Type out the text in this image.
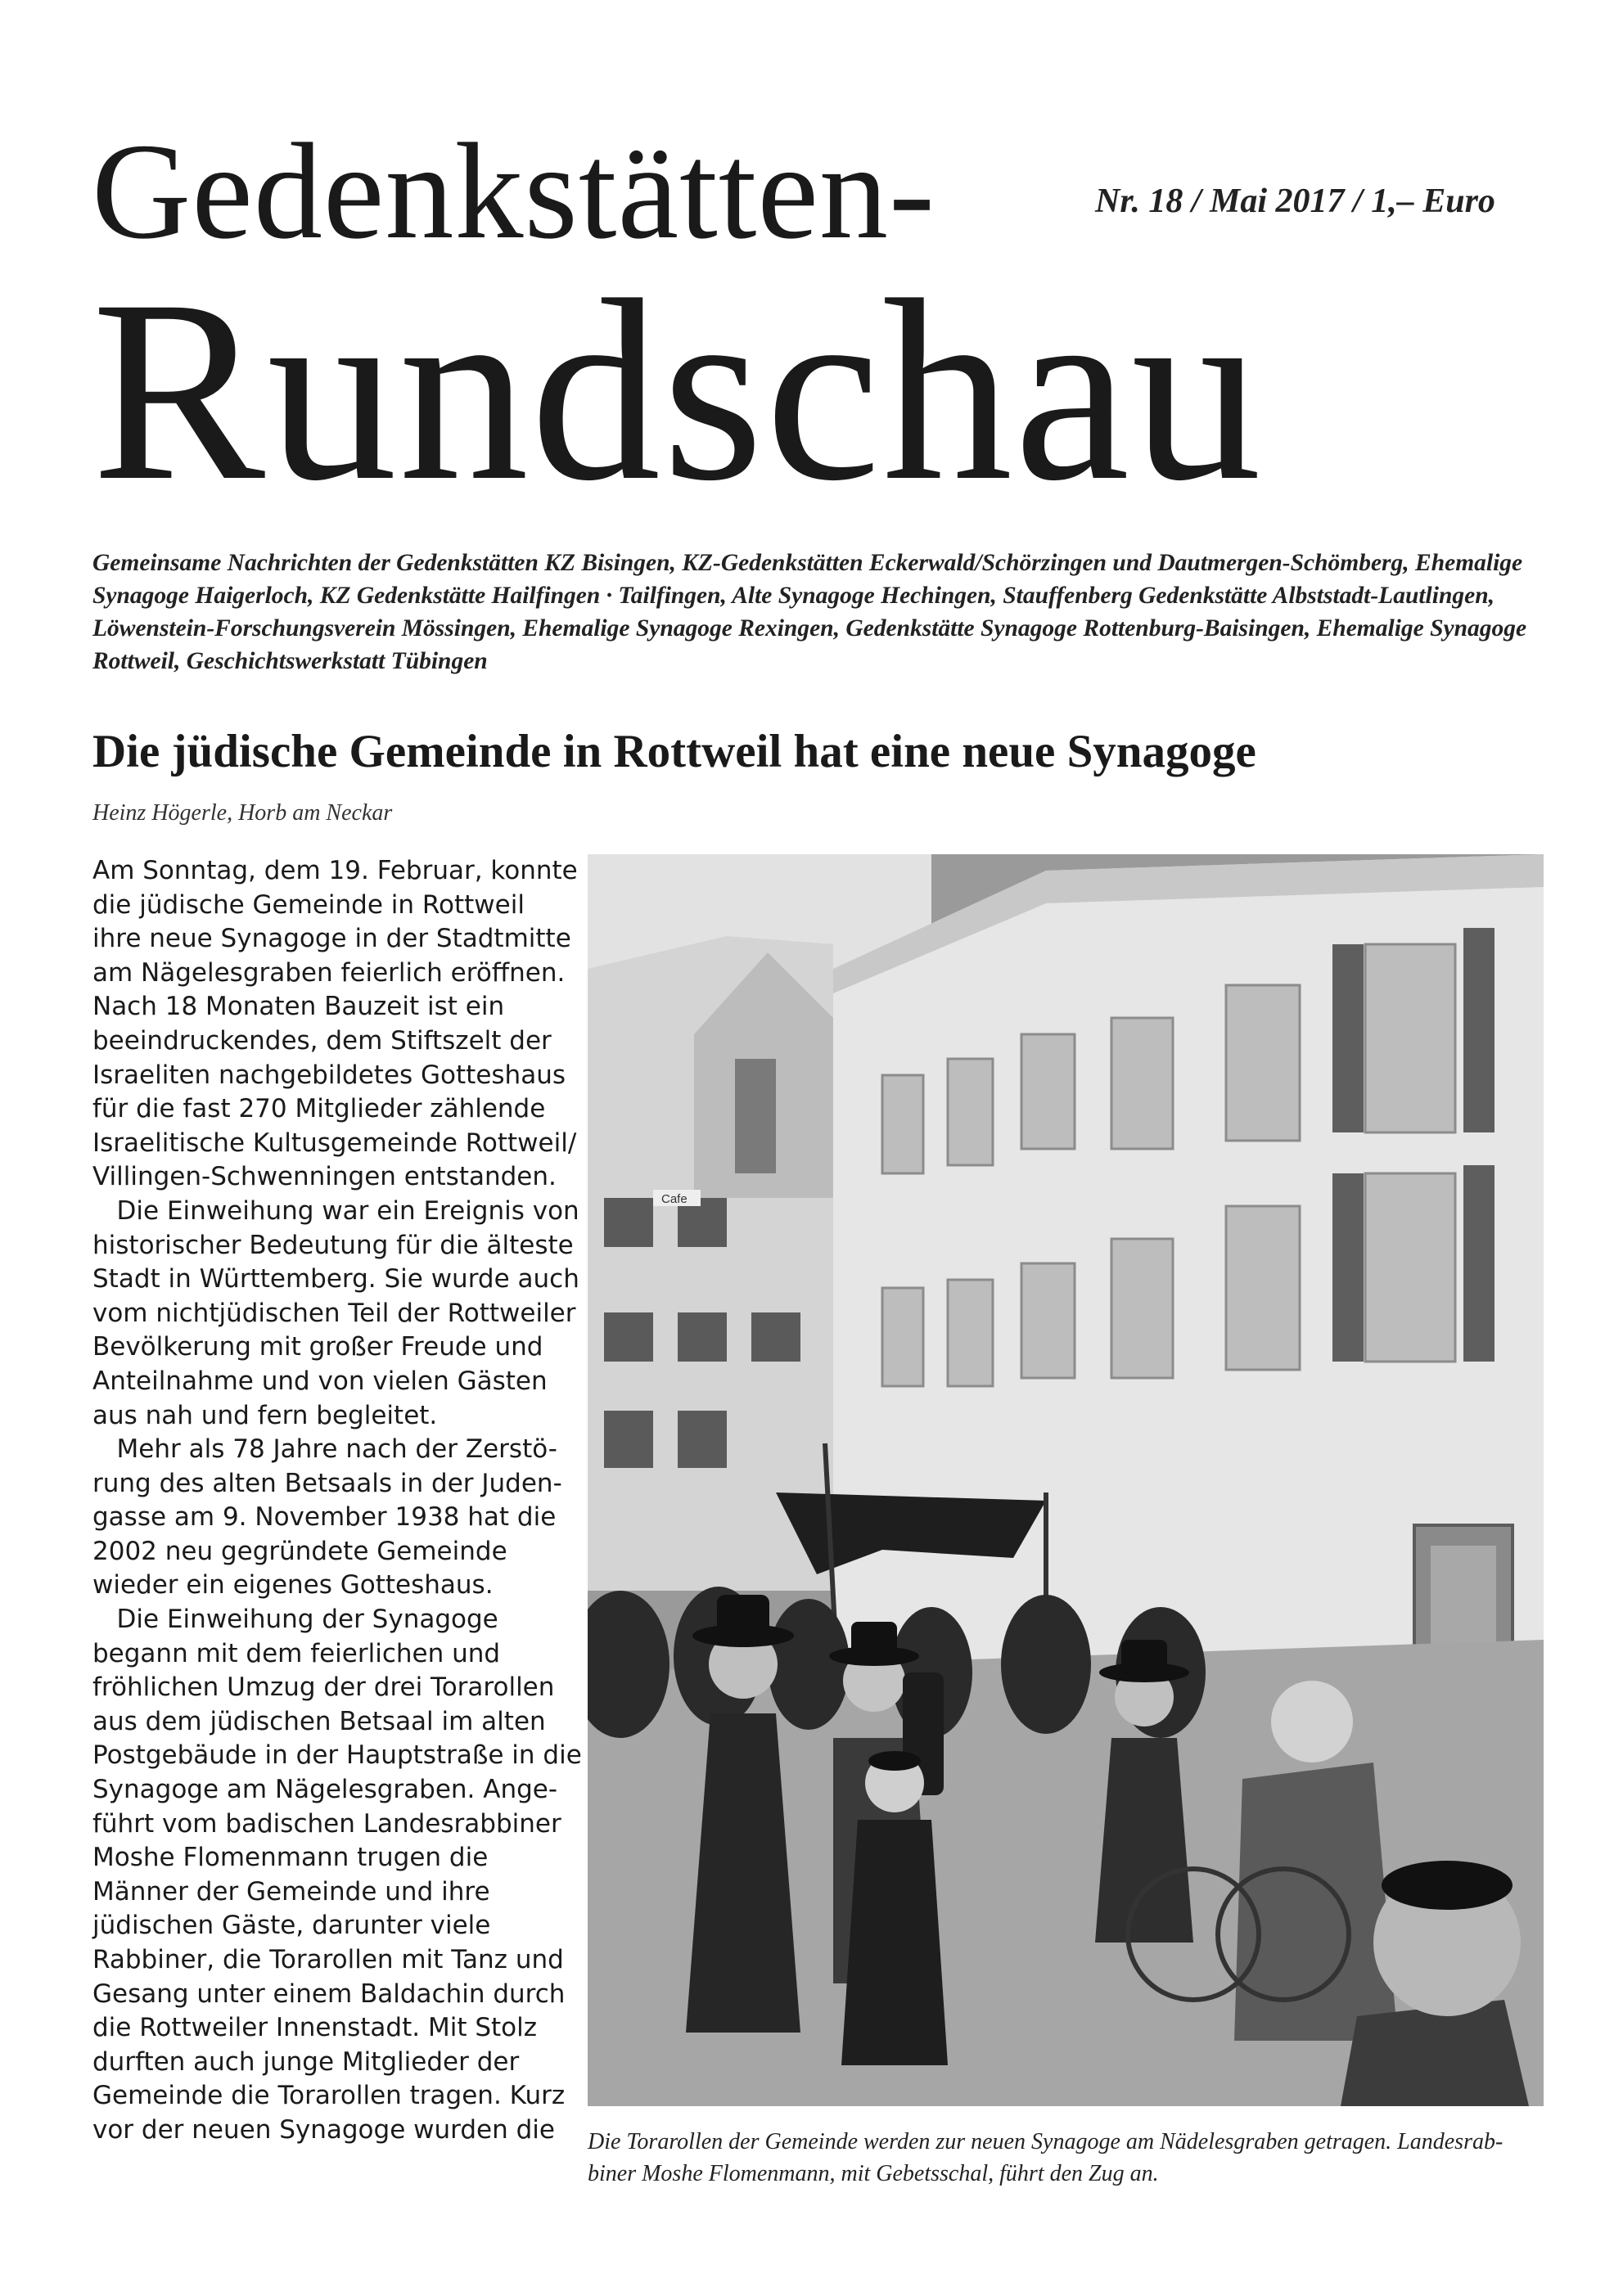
Gedenkstätten-	Nr. 18 / Mai 2017 / 1,– Euro
Rundschau
Gemeinsame Nachrichten der Gedenkstätten KZ Bisingen, KZ-Gedenkstätten Eckerwald/Schörzingen und Dautmergen-Schömberg, Ehemalige Synagoge Haigerloch, KZ Gedenkstätte Hailfingen · Tailfingen, Alte Synagoge Hechingen, Stauffenberg Gedenkstätte Albststadt-Lautlingen, Löwenstein-Forschungsverein Mössingen, Ehemalige Synagoge Rexingen, Gedenkstätte Synagoge Rottenburg-Baisingen, Ehemalige Synagoge Rottweil, Geschichtswerkstatt Tübingen
Die jüdische Gemeinde in Rottweil hat eine neue Synagoge
Heinz Högerle, Horb am Neckar
Am Sonntag, dem 19. Februar, konnte
die jüdische Gemeinde in Rottweil
ihre neue Synagoge in der Stadtmitte
am Nägelesgraben feierlich eröffnen.
Nach 18 Monaten Bauzeit ist ein
beeindruckendes, dem Stiftszelt der
Israeliten nachgebildetes Gotteshaus
für die fast 270 Mitglieder zählende
Israelitische Kultusgemeinde Rottweil/
Villingen-Schwenningen entstanden.
Die Einweihung war ein Ereignis von
historischer Bedeutung für die älteste
Stadt in Württemberg. Sie wurde auch
vom nichtjüdischen Teil der Rottweiler
Bevölkerung mit großer Freude und
Anteilnahme und von vielen Gästen
aus nah und fern begleitet.
Mehr als 78 Jahre nach der Zerstö-
rung des alten Betsaals in der Juden-
gasse am 9. November 1938 hat die
2002 neu gegründete Gemeinde
wieder ein eigenes Gotteshaus.
Die Einweihung der Synagoge
begann mit dem feierlichen und
fröhlichen Umzug der drei Torarollen
aus dem jüdischen Betsaal im alten
Postgebäude in der Hauptstraße in die
Synagoge am Nägelesgraben. Ange-
führt vom badischen Landesrabbiner
Moshe Flomenmann trugen die
Männer der Gemeinde und ihre
jüdischen Gäste, darunter viele
Rabbiner, die Torarollen mit Tanz und
Gesang unter einem Baldachin durch
die Rottweiler Innenstadt. Mit Stolz
durften auch junge Mitglieder der
Gemeinde die Torarollen tragen. Kurz
vor der neuen Synagoge wurden die
Cafe
Die Torarollen der Gemeinde werden zur neuen Synagoge am Nädelesgraben getragen. Landesrab-
biner Moshe Flomenmann, mit Gebetsschal, führt den Zug an.
